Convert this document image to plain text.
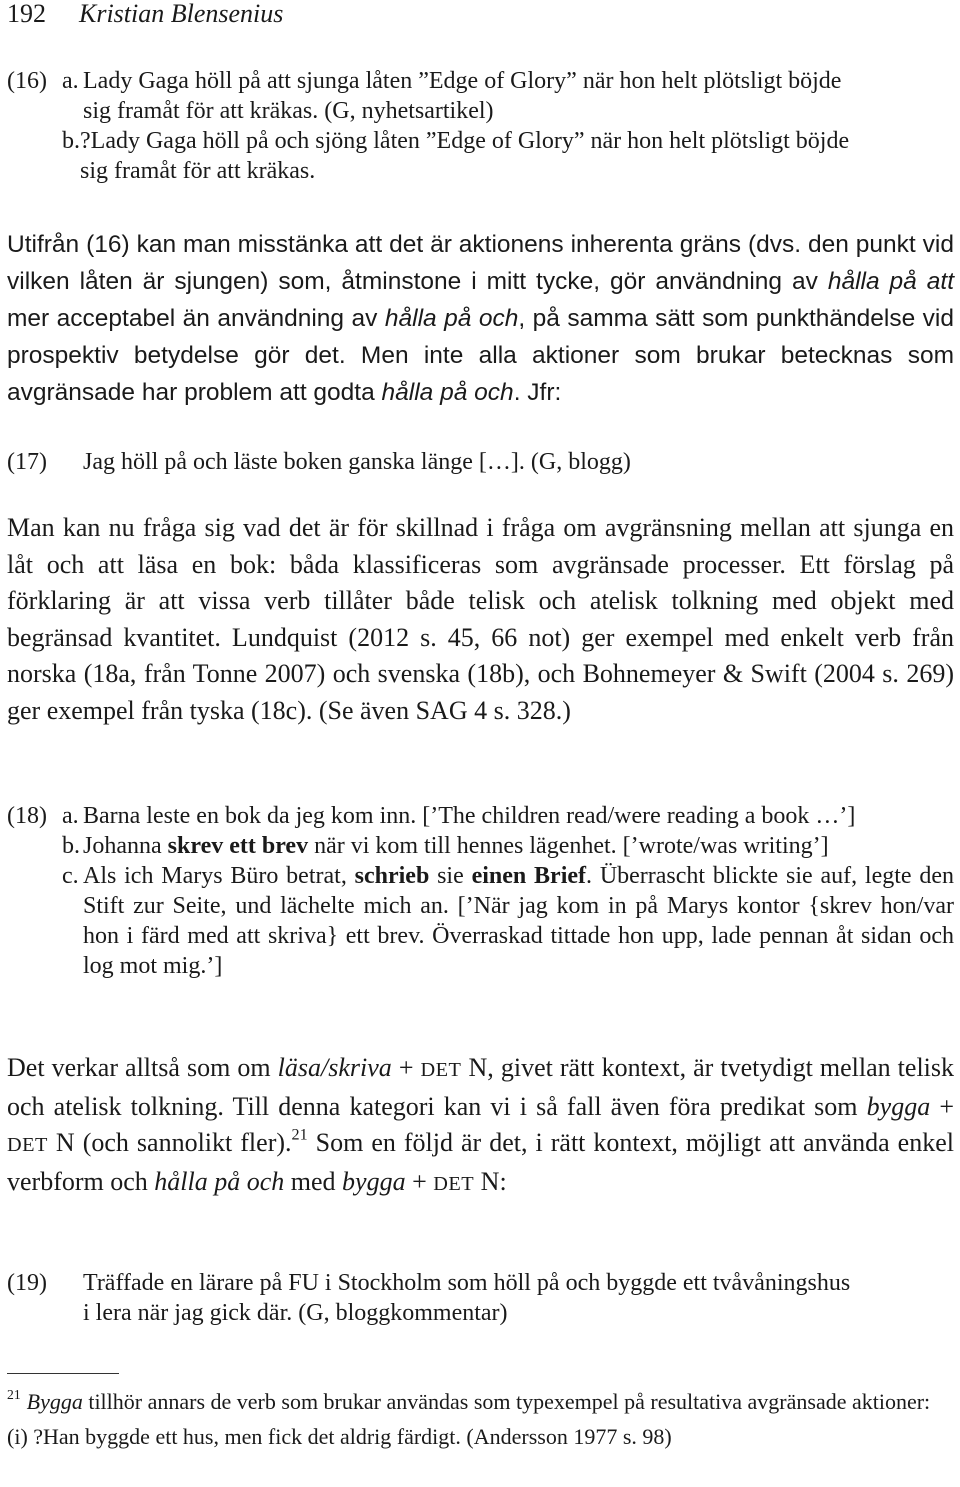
192 Kristian Blensenius
(16) a. Lady Gaga höll på att sjunga låten ”Edge of Glory” när hon helt plötsligt böjde
sig framåt för att kräkas. (G, nyhetsartikel)
b. ?Lady Gaga höll på och sjöng låten ”Edge of Glory” när hon helt plötsligt böjde
sig framåt för att kräkas.
Utifrån (16) kan man misstänka att det är aktionens inherenta gräns (dvs. den punkt vid vilken låten är sjungen) som, åtminstone i mitt tycke, gör användning av hålla på att mer acceptabel än användning av hålla på och, på samma sätt som punkthändelse vid prospektiv betydelse gör det. Men inte alla aktioner som brukar betecknas som avgränsade har problem att godta hålla på och. Jfr:
(17) Jag höll på och läste boken ganska länge […]. (G, blogg)
Man kan nu fråga sig vad det är för skillnad i fråga om avgränsning mellan att sjunga en låt och att läsa en bok: båda klassificeras som avgränsade processer. Ett förslag på förklaring är att vissa verb tillåter både telisk och atelisk tolkning med objekt med begränsad kvantitet. Lundquist (2012 s. 45, 66 not) ger exempel med enkelt verb från norska (18a, från Tonne 2007) och svenska (18b), och Bohnemeyer & Swift (2004 s. 269) ger exempel från tyska (18c). (Se även SAG 4 s. 328.)
(18) a. Barna leste en bok da jeg kom inn. [’The children read/were reading a book …’]
b. Johanna skrev ett brev när vi kom till hennes lägenhet. [’wrote/was writing’]
c. Als ich Marys Büro betrat, schrieb sie einen Brief. Überrascht blickte sie auf, legte den Stift zur Seite, und lächelte mich an. [’När jag kom in på Marys kontor {skrev hon/var hon i färd med att skriva} ett brev. Överraskad tittade hon upp, lade pennan åt sidan och log mot mig.’]
Det verkar alltså som om läsa/skriva + DET N, givet rätt kontext, är tvetydigt mellan telisk och atelisk tolkning. Till denna kategori kan vi i så fall även föra predikat som bygga + DET N (och sannolikt fler).$^{21}$ Som en följd är det, i rätt kontext, möjligt att använda enkel verbform och hålla på och med bygga + DET N:
(19) Träffade en lärare på FU i Stockholm som höll på och byggde ett tvåvåningshus
i lera när jag gick där. (G, bloggkommentar)
$^{21}$ Bygga tillhör annars de verb som brukar användas som typexempel på resultativa avgränsade aktioner:
(i) ?Han byggde ett hus, men fick det aldrig färdigt. (Andersson 1977 s. 98)
